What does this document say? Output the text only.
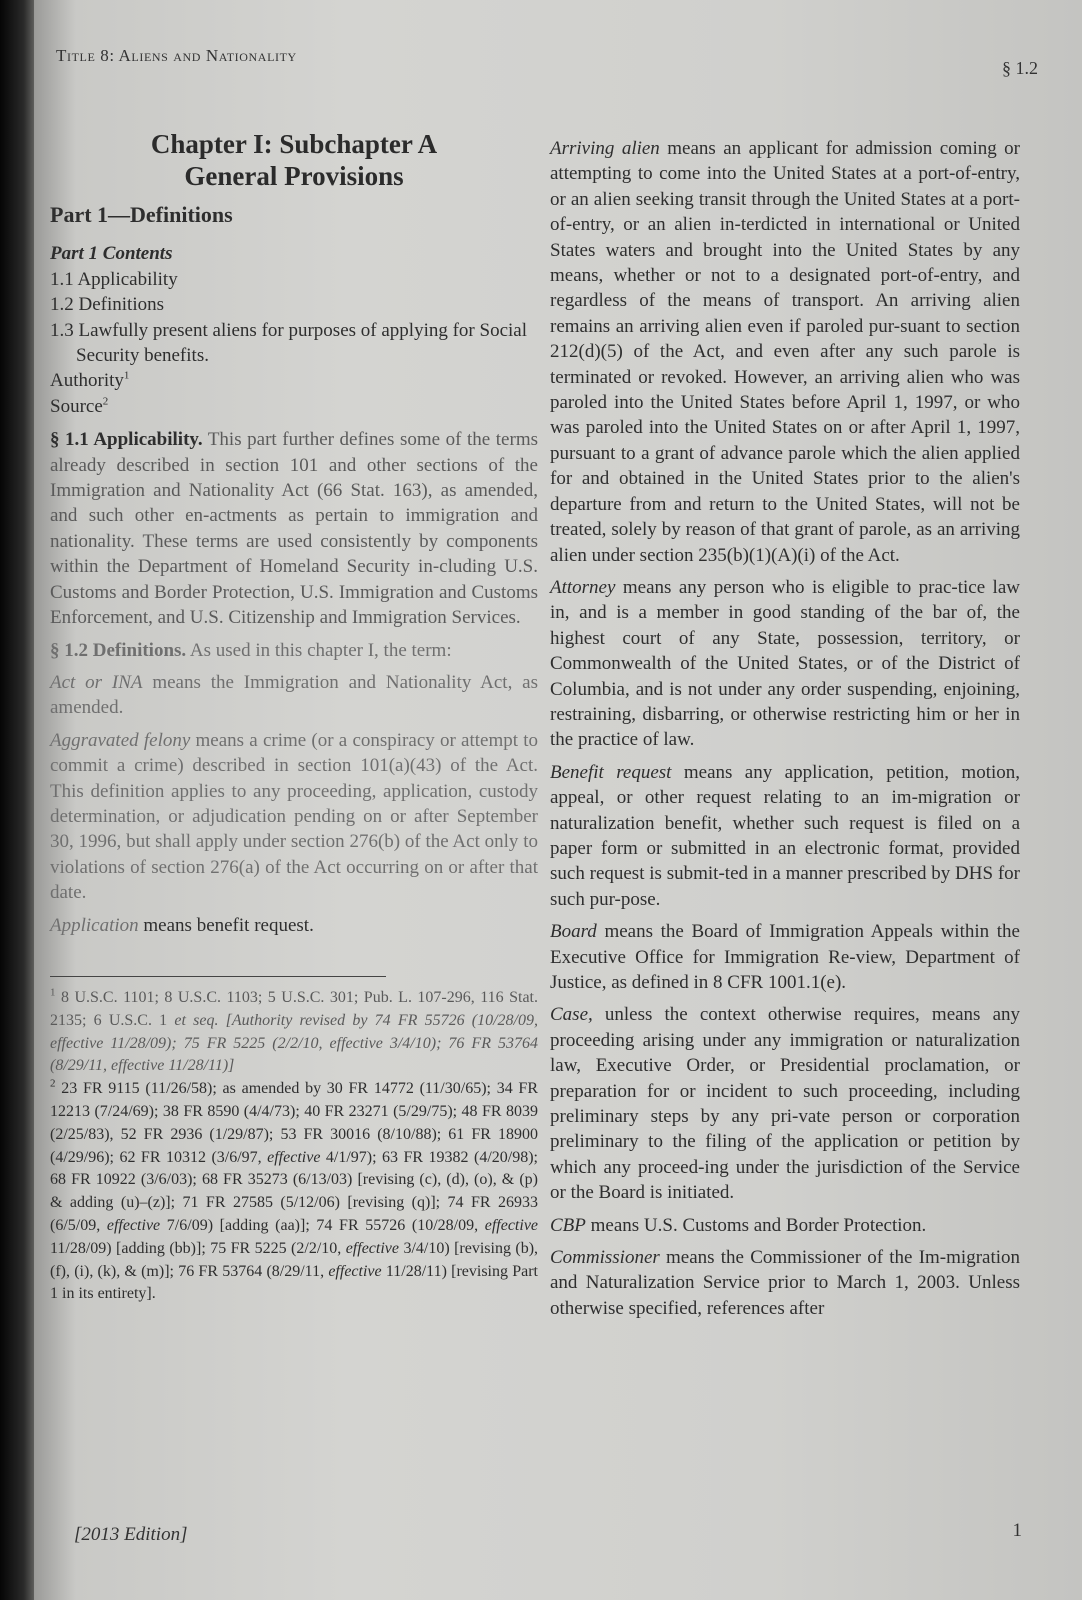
Title 8: Aliens and Nationality
§ 1.2
Chapter I: Subchapter A
General Provisions
Part 1—Definitions
Part 1 Contents
1.1 Applicability
1.2 Definitions
1.3 Lawfully present aliens for purposes of applying for Social Security benefits.
Authority$^1$
Source$^2$

§ 1.1 Applicability. This part further defines some of the terms already described in section 101 and other sections of the Immigration and Nationality Act (66 Stat. 163), as amended, and such other en-actments as pertain to immigration and nationality. These terms are used consistently by components within the Department of Homeland Security in-cluding U.S. Customs and Border Protection, U.S. Immigration and Customs Enforcement, and U.S. Citizenship and Immigration Services.

§ 1.2 Definitions. As used in this chapter I, the term:

Act or INA means the Immigration and Nationality Act, as amended.

Aggravated felony means a crime (or a conspiracy or attempt to commit a crime) described in section 101(a)(43) of the Act. This definition applies to any proceeding, application, custody determination, or adjudication pending on or after September 30, 1996, but shall apply under section 276(b) of the Act only to violations of section 276(a) of the Act occurring on or after that date.

Application means benefit request.

$^1$ 8 U.S.C. 1101; 8 U.S.C. 1103; 5 U.S.C. 301; Pub. L. 107-296, 116 Stat. 2135; 6 U.S.C. 1 et seq. [Authority revised by 74 FR 55726 (10/28/09, effective 11/28/09); 75 FR 5225 (2/2/10, effective 3/4/10); 76 FR 53764 (8/29/11, effective 11/28/11)]

$^2$ 23 FR 9115 (11/26/58); as amended by 30 FR 14772 (11/30/65); 34 FR 12213 (7/24/69); 38 FR 8590 (4/4/73); 40 FR 23271 (5/29/75); 48 FR 8039 (2/25/83), 52 FR 2936 (1/29/87); 53 FR 30016 (8/10/88); 61 FR 18900 (4/29/96); 62 FR 10312 (3/6/97, effective 4/1/97); 63 FR 19382 (4/20/98); 68 FR 10922 (3/6/03); 68 FR 35273 (6/13/03) [revising (c), (d), (o), & (p) & adding (u)–(z)]; 71 FR 27585 (5/12/06) [revising (q)]; 74 FR 26933 (6/5/09, effective 7/6/09) [adding (aa)]; 74 FR 55726 (10/28/09, effective 11/28/09) [adding (bb)]; 75 FR 5225 (2/2/10, effective 3/4/10) [revising (b), (f), (i), (k), & (m)]; 76 FR 53764 (8/29/11, effective 11/28/11) [revising Part 1 in its entirety].

Arriving alien means an applicant for admission coming or attempting to come into the United States at a port-of-entry, or an alien seeking transit through the United States at a port-of-entry, or an alien in-terdicted in international or United States waters and brought into the United States by any means, whether or not to a designated port-of-entry, and regardless of the means of transport. An arriving alien remains an arriving alien even if paroled pur-suant to section 212(d)(5) of the Act, and even after any such parole is terminated or revoked. However, an arriving alien who was paroled into the United States before April 1, 1997, or who was paroled into the United States on or after April 1, 1997, pursuant to a grant of advance parole which the alien applied for and obtained in the United States prior to the alien's departure from and return to the United States, will not be treated, solely by reason of that grant of parole, as an arriving alien under section 235(b)(1)(A)(i) of the Act.

Attorney means any person who is eligible to prac-tice law in, and is a member in good standing of the bar of, the highest court of any State, possession, territory, or Commonwealth of the United States, or of the District of Columbia, and is not under any order suspending, enjoining, restraining, disbarring, or otherwise restricting him or her in the practice of law.

Benefit request means any application, petition, motion, appeal, or other request relating to an im-migration or naturalization benefit, whether such request is filed on a paper form or submitted in an electronic format, provided such request is submit-ted in a manner prescribed by DHS for such pur-pose.

Board means the Board of Immigration Appeals within the Executive Office for Immigration Re-view, Department of Justice, as defined in 8 CFR 1001.1(e).

Case, unless the context otherwise requires, means any proceeding arising under any immigration or naturalization law, Executive Order, or Presidential proclamation, or preparation for or incident to such proceeding, including preliminary steps by any pri-vate person or corporation preliminary to the filing of the application or petition by which any proceed-ing under the jurisdiction of the Service or the Board is initiated.

CBP means U.S. Customs and Border Protection.

Commissioner means the Commissioner of the Im-migration and Naturalization Service prior to March 1, 2003. Unless otherwise specified, references after

[2013 Edition]	1
